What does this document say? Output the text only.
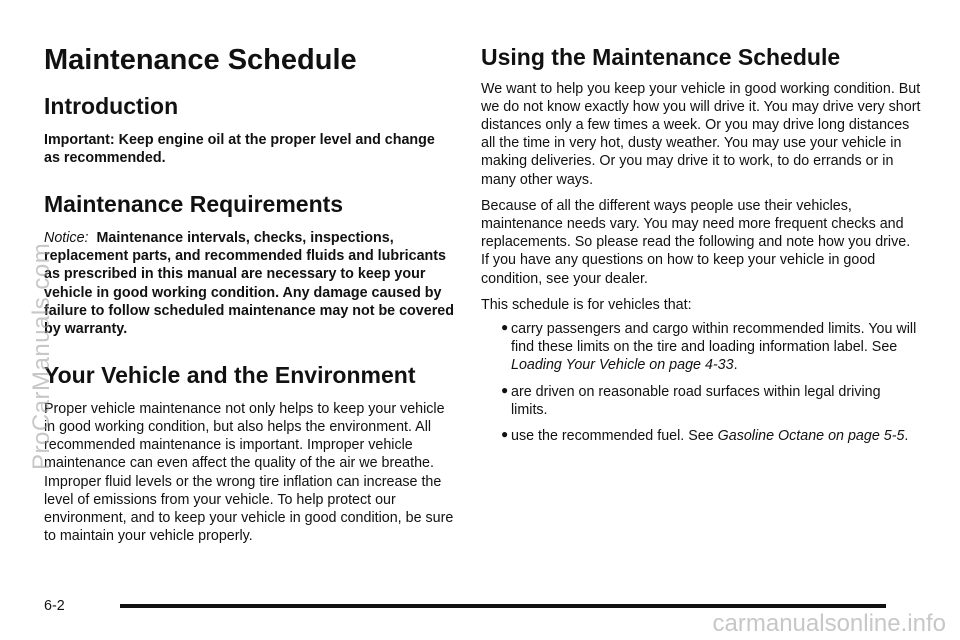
Maintenance Schedule
Introduction

Important: Keep engine oil at the proper level and change as recommended.

Maintenance Requirements

Notice: Maintenance intervals, checks, inspections, replacement parts, and recommended fluids and lubricants as prescribed in this manual are necessary to keep your vehicle in good working condition. Any damage caused by failure to follow scheduled maintenance may not be covered by warranty.

Your Vehicle and the Environment

Proper vehicle maintenance not only helps to keep your vehicle in good working condition, but also helps the environment. All recommended maintenance is important. Improper vehicle maintenance can even affect the quality of the air we breathe. Improper fluid levels or the wrong tire inflation can increase the level of emissions from your vehicle. To help protect our environment, and to keep your vehicle in good condition, be sure to maintain your vehicle properly.

Using the Maintenance Schedule

We want to help you keep your vehicle in good working condition. But we do not know exactly how you will drive it. You may drive very short distances only a few times a week. Or you may drive long distances all the time in very hot, dusty weather. You may use your vehicle in making deliveries. Or you may drive it to work, to do errands or in many other ways.

Because of all the different ways people use their vehicles, maintenance needs vary. You may need more frequent checks and replacements. So please read the following and note how you drive. If you have any questions on how to keep your vehicle in good condition, see your dealer.

This schedule is for vehicles that:

● carry passengers and cargo within recommended limits. You will find these limits on the tire and loading information label. See Loading Your Vehicle on page 4-33.
● are driven on reasonable road surfaces within legal driving limits.
● use the recommended fuel. See Gasoline Octane on page 5-5.
6-2
ProCarManuals.com
carmanualsonline.info
